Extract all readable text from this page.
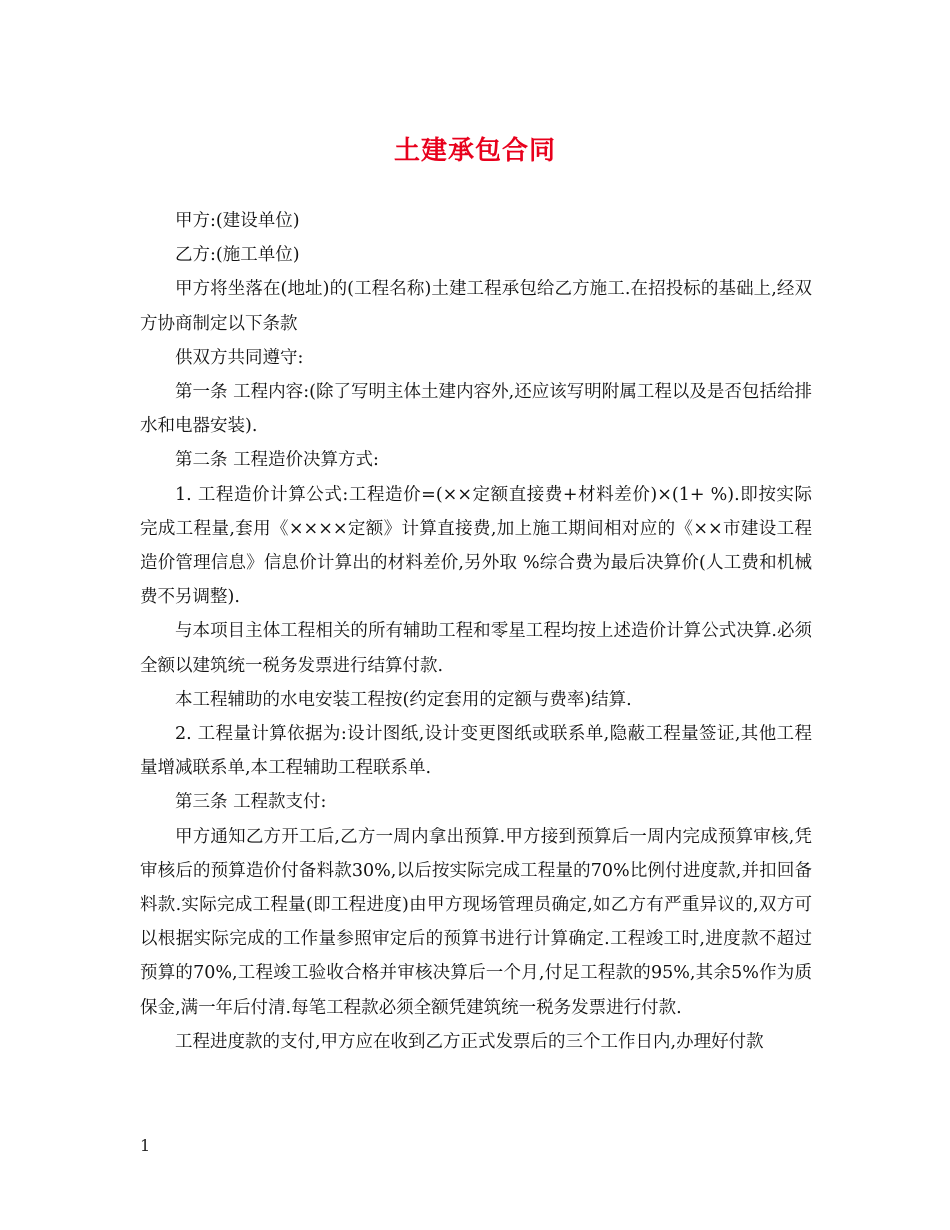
土建承包合同

甲方:(建设单位)

乙方:(施工单位)

甲方将坐落在(地址)的(工程名称)土建工程承包给乙方施工.在招投标的基础上,经双方协商制定以下条款

供双方共同遵守:

第一条 工程内容:(除了写明主体土建内容外,还应该写明附属工程以及是否包括给排水和电器安装).

第二条 工程造价决算方式:

1. 工程造价计算公式:工程造价=(××定额直接费+材料差价)×(1+ %).即按实际完成工程量,套用《××××定额》计算直接费,加上施工期间相对应的《××市建设工程造价管理信息》信息价计算出的材料差价,另外取 %综合费为最后决算价(人工费和机械费不另调整).

与本项目主体工程相关的所有辅助工程和零星工程均按上述造价计算公式决算.必须全额以建筑统一税务发票进行结算付款.

本工程辅助的水电安装工程按(约定套用的定额与费率)结算.

2. 工程量计算依据为:设计图纸,设计变更图纸或联系单,隐蔽工程量签证,其他工程量增减联系单,本工程辅助工程联系单.

第三条 工程款支付:

甲方通知乙方开工后,乙方一周内拿出预算.甲方接到预算后一周内完成预算审核,凭审核后的预算造价付备料款30%,以后按实际完成工程量的70%比例付进度款,并扣回备料款.实际完成工程量(即工程进度)由甲方现场管理员确定,如乙方有严重异议的,双方可以根据实际完成的工作量参照审定后的预算书进行计算确定.工程竣工时,进度款不超过预算的70%,工程竣工验收合格并审核决算后一个月,付足工程款的95%,其余5%作为质保金,满一年后付清.每笔工程款必须全额凭建筑统一税务发票进行付款.

工程进度款的支付,甲方应在收到乙方正式发票后的三个工作日内,办理好付款

1
